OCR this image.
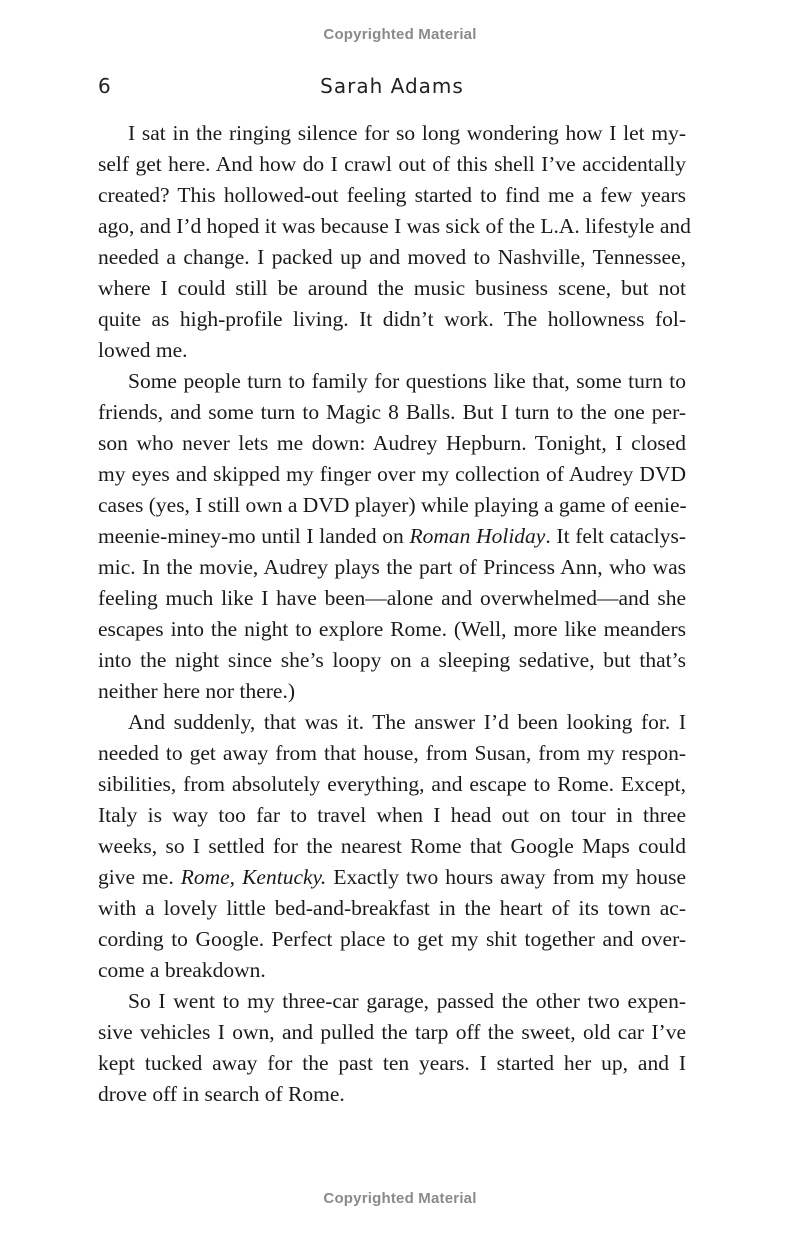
Copyrighted Material
6	Sarah Adams
I sat in the ringing silence for so long wondering how I let my-
self get here. And how do I crawl out of this shell I’ve accidentally
created? This hollowed-out feeling started to find me a few years
ago, and I’d hoped it was because I was sick of the L.A. lifestyle and
needed a change. I packed up and moved to Nashville, Tennessee,
where I could still be around the music business scene, but not
quite as high-profile living. It didn’t work. The hollowness fol-
lowed me.
Some people turn to family for questions like that, some turn to
friends, and some turn to Magic 8 Balls. But I turn to the one per-
son who never lets me down: Audrey Hepburn. Tonight, I closed
my eyes and skipped my finger over my collection of Audrey DVD
cases (yes, I still own a DVD player) while playing a game of eenie-
meenie-miney-mo until I landed on Roman Holiday. It felt cataclys-
mic. In the movie, Audrey plays the part of Princess Ann, who was
feeling much like I have been—alone and overwhelmed—and she
escapes into the night to explore Rome. (Well, more like meanders
into the night since she’s loopy on a sleeping sedative, but that’s
neither here nor there.)
And suddenly, that was it. The answer I’d been looking for. I
needed to get away from that house, from Susan, from my respon-
sibilities, from absolutely everything, and escape to Rome. Except,
Italy is way too far to travel when I head out on tour in three
weeks, so I settled for the nearest Rome that Google Maps could
give me. Rome, Kentucky. Exactly two hours away from my house
with a lovely little bed-and-breakfast in the heart of its town ac-
cording to Google. Perfect place to get my shit together and over-
come a breakdown.
So I went to my three-car garage, passed the other two expen-
sive vehicles I own, and pulled the tarp off the sweet, old car I’ve
kept tucked away for the past ten years. I started her up, and I
drove off in search of Rome.
Copyrighted Material
